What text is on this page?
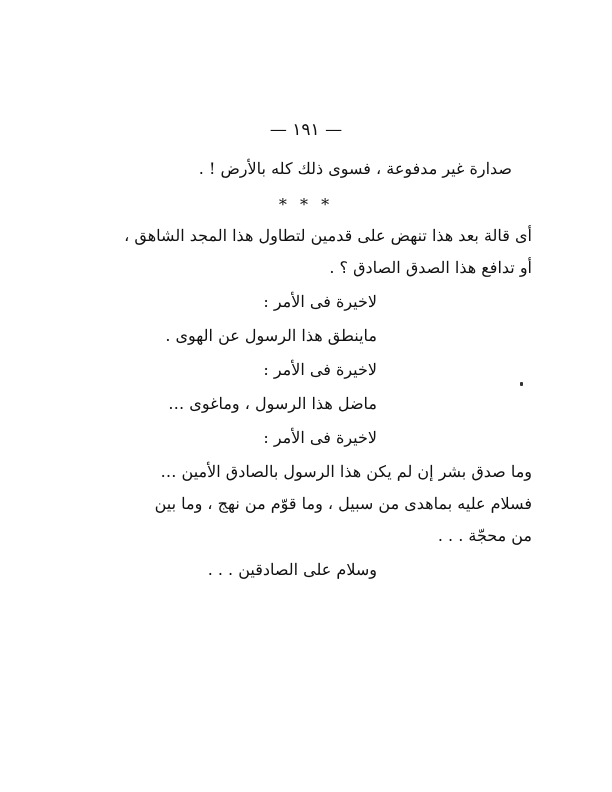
— ١٩١ —
صدارة غير مدفوعة ، فسوى ذلك كله بالأرض ! .
* * *
أى قالة بعد هذا تنهض على قدمين لتطاول هذا المجد الشاهق ،
أو تدافع هذا الصدق الصادق ؟ .
لاخيرة فى الأمر :
ماينطق هذا الرسول عن الهوى .
لاخيرة فى الأمر :
ماضل هذا الرسول ، وماغوى …
لاخيرة فى الأمر :
وما صدق بشر إن لم يكن هذا الرسول بالصادق الأمين …
فسلام عليه بماهدى من سبيل ، وما قوّم من نهج ، وما بين
من محجّة . . .
وسلام على الصادقين . . .
